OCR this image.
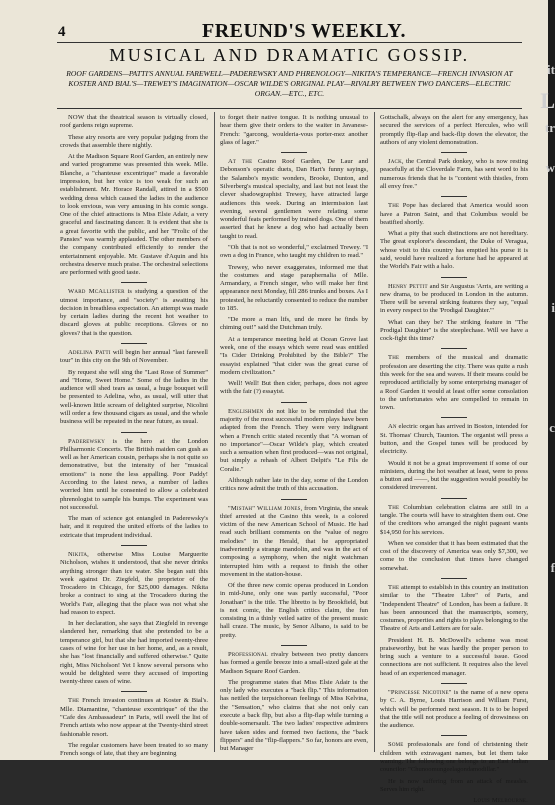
4	FREUND'S WEEKLY.
MUSICAL AND DRAMATIC GOSSIP.
ROOF GARDENS—PATTI'S ANNUAL FAREWELL—PADEREWSKY AND PHRENOLOGY—NIKITA'S TEMPERANCE—FRENCH INVASION AT KOSTER AND BIAL'S—TREWEY'S IMAGINATION—OSCAR WILDE'S ORIGINAL PLAY—RIVALRY BETWEEN TWO DANCERS—ELECTRIC ORGAN.—ETC., ETC.

NOW that the theatrical season is virtually closed, roof gardens reign supreme.

These airy resorts are very popular judging from the crowds that assemble there nightly.

At the Madison Square Roof Garden, an entirely new and varied programme was presented this week. Mlle. Blanche, a "chanteuse excentrique" made a favorable impression, but her voice is too weak for such an establishment. Mr. Horace Randall, attired in a $500 wedding dress which caused the ladies in the audience to look envious, was very amusing in his comic songs. One of the chief attractions is Miss Elsie Adair, a very graceful and fascinating dancer. It is evident that she is a great favorite with the public, and her "Frolic of the Pansies" was warmly applauded. The other members of the company contributed efficiently to render the entertainment enjoyable. Mr. Gustave d'Aquin and his orchestra deserve much praise. The orchestral selections are performed with good taste.

Ward McAllister is studying a question of the utmost importance, and "society" is awaiting his decision in breathless expectation. An attempt was made by certain ladies during the recent hot weather to discard gloves at public receptions. Gloves or no gloves? that is the question.

Adelina Patti will begin her annual "last farewell tour" in this city on the 9th of November.

By request she will sing the "Last Rose of Summer" and "Home, Sweet Home." Some of the ladies in the audience will shed tears as usual, a huge bouquet will be presented to Adelina, who, as usual, will utter that well-known little scream of delighted surprise, Nicolini will order a few thousand cigars as usual, and the whole business will be repeated in the near future, as usual.

Paderewsky is the hero at the London Philharmonic Concerts. The British maiden can gush as well as her American cousin, perhaps she is not quite so demonstrative, but the intensity of her "musical emotions" is none the less appalling. Poor Paddy! According to the latest news, a number of ladies worried him until he consented to allow a celebrated phrenologist to sample his bumps. The experiment was not successful.

The man of science got entangled in Paderewsky's hair, and it required the united efforts of the ladies to extricate that imprudent individual.

Nikita, otherwise Miss Louise Marguerite Nicholson, wishes it understood, that she never drinks anything stronger than ice water. She began suit this week against Dr. Ziegfeld, the proprietor of the Trocadero in Chicago, for $25,000 damages. Nikita broke a contract to sing at the Trocadero during the World's Fair, alleging that the place was not what she had reason to expect.

In her declaration, she says that Ziegfeld in revenge slandered her, remarking that she pretended to be a temperance girl, but that she had imported twenty-three cases of wine for her use in her home, and, as a result, she has "lost financially and suffered otherwise." Quite right, Miss Nicholson! Yet I know several persons who would be delighted were they accused of importing twenty-three cases of wine.

The French invasion continues at Koster & Bial's. Mlle. Diamantine, "chanteuse excentrique" of the the "Cafe des Ambassadeur" in Paris, will swell the list of French artists who now appear at the Twenty-third street fashionable resort.

The regular customers have been treated to so many French songs of late, that they are beginning

to forget their native tongue. It is nothing unusual to hear them give their orders to the waiter in Javanese-French: "garcong, woulderia-vous porter-mez another glass of lager."

At the Casino Roof Garden, De Laur and Debonson's operatic duets, Dan Hart's funny sayings, the Salambo's mystic wonders, Brooke, Dunton, and Silverberg's musical specialty, and last but not least the clever shadowgraphist Trewey, have attracted large audiences this week. During an intermission last evening, several gentlemen were relating some wonderful feats performed by trained dogs. One of them asserted that he knew a dog who had actually been taught to read.

"Oh that is not so wonderful," exclaimed Trewey. "I own a dog in France, who taught my children to read."

Trewey, who never exaggerates, informed me that the costumes and stage paraphernalia of Mlle. Armandary, a French singer, who will make her first appearance next Monday, fill 286 trunks and boxes. As I protested, he reluctantly consented to reduce the number to 185.

"De more a man lifs, und de more he finds by chiming out!" said the Dutchman truly.

At a temperance meeting held at Ocean Grove last week, one of the essays which were read was entitled "Is Cider Drinking Prohibited by the Bible?" The essayist explained "that cider was the great curse of modern civilization."

Well! Well! But then cider, perhaps, does not agree with the fair (?) essayist.

Englishmen do not like to be reminded that the majority of the most successful modern plays have been adapted from the French. They were very indignant when a French critic stated recently that "A woman of no importance"—Oscar Wilde's play, which created such a sensation when first produced—was not original, but simply a rehash of Albert Delpit's "Le Fils de Coralie."

Although rather late in the day, some of the London critics now admit the truth of this accusation.

"Mistah" William Jones, from Virginia, the sneak thief arrested at the Casino this week, is a colored victim of the new American School of Music. He had read such brilliant comments on the "value of negro melodies" in the Herald, that he appropriated inadvertently a strange mandolin, and was in the act of composing a symphony, when the night watchman interrupted him with a request to finish the other movement in the station-house.

Of the three new comic operas produced in London in mid-June, only one was partly successful, "Poor Jonathan" is the title. The libretto is by Brookfield, but is not comic, the English critics claim, the fun consisting in a thinly veiled satire of the present music hall craze. The music, by Senor Albano, is said to be pretty.

Professional rivalry between two pretty dancers has formed a gentle breeze into a small-sized gale at the Madison Square Roof Garden.

The programme states that Miss Elsie Adair is the only lady who executes a "back flip." This information has nettled the terpsichorean feelings of Miss Kelvina, the "Sensation," who claims that she not only can execute a back flip, but also a flip-flap while turning a double-somersault. The two ladies' respective admirers have taken sides and formed two factions, the "back flippers" and the "flip-flappers." So far, honors are even, but Manager

Gottschalk, always on the alert for any emergency, has secured the services of a perfect Hercules, who will promptly flip-flap and back-flip down the elevator, the authors of any violent demonstration.

Jack, the Central Park donkey, who is now resting peacefully at the Cloverdale Farm, has sent word to his numerous friends that he is "content with thistles, from all envy free."

The Pope has declared that America would soon have a Patron Saint, and that Columbus would be beatified shortly.

What a pity that such distinctions are not hereditary. The great explorer's descendant, the Duke of Veragua, whose visit to this country has emptied his purse it is said, would have realized a fortune had he appeared at the World's Fair with a halo.

Henry Pettit and Sir Augustus 'Arris, are writing a new drama, to be produced in London in the autumn. There will be several striking features they say, "equal in every respect to the 'Prodigal Daughter.'"

What can they be? The striking feature in "The Prodigal Daughter" is the steeplechase. Will we have a cock-fight this time?

The members of the musical and dramatic profession are deserting the city. There was quite a rush this week for the sea and waves. If their means could be reproduced artificially by some enterprising manager of a Roof Garden it would at least offer some consolation to the unfortunates who are compelled to remain in town.

An electric organ has arrived in Boston, intended for St. Thomas' Church, Taunton. The organist will press a button, and the Gospel tunes will be produced by electricity.

Would it not be a great improvement if some of our ministers, during the hot weather at least, were to press a button and ——, but the suggestion would possibly be considered irreverent.

The Columbian celebration claims are still in a tangle. The courts will have to straighten them out. One of the creditors who arranged the night pageant wants $14,950 for his services.

When we consider that it has been estimated that the cost of the discovery of America was only $7,300, we come to the conclusion that times have changed somewhat.

The attempt to establish in this country an institution similar to the "Theatre Libre" of Paris, and "Independent Theatre" of London, has been a failure. It has been announced that the manuscripts, scenery, costumes, properties and rights to plays belonging to the Theatre of Arts and Letters are for sale.

President H. B. McDowell's scheme was most praiseworthy, but he was hardly the proper person to bring such a venture to a successful issue. Good connections are not sufficient. It requires also the level head of an experienced manager.

"Princesse Nicotine" is the name of a new opera by C. A. Byrne, Louis Harrison and William Furst, which will be performed next season. It is to be hoped that the title will not produce a feeling of drowsiness on the audience.

Some professionals are fond of christening their children with extravagant names, but let them take warning. The following one belongs to an East Indian councilor: "Chunoomungeelagondamodillar."

He is now suffering from an attack of measles. Serves him right.

Louis Melbourne.

it
L
tr
w
i
c
f
